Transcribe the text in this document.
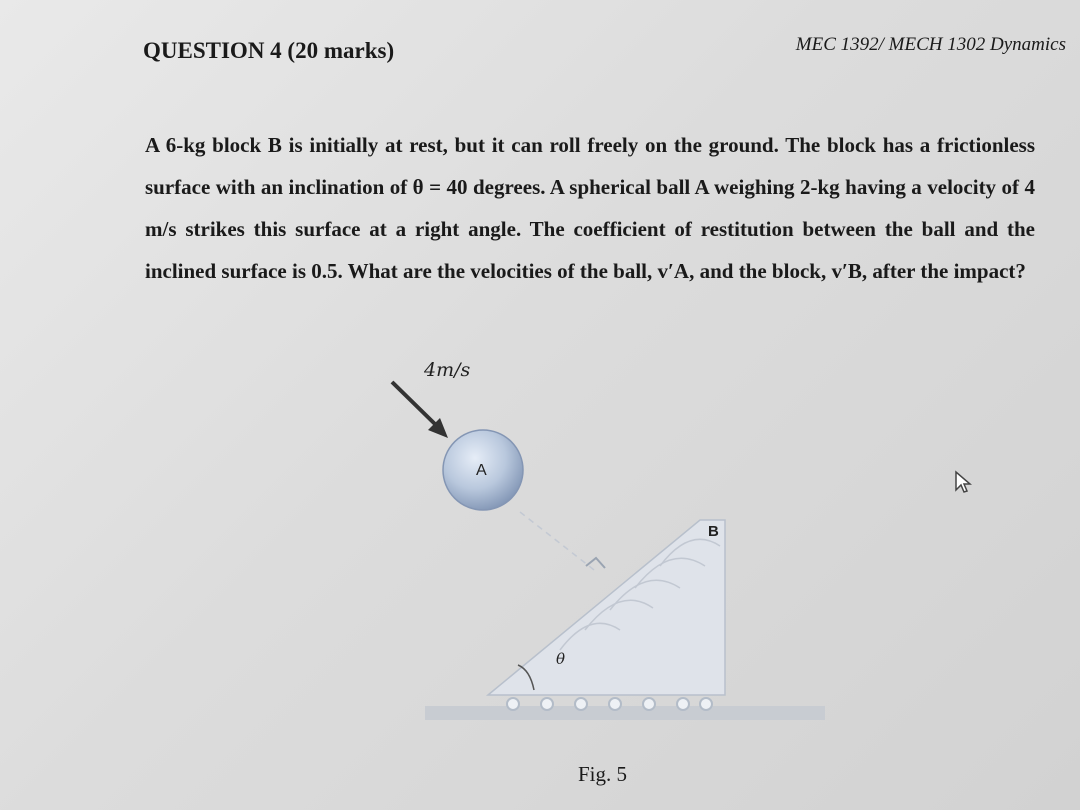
MEC 1392/ MECH 1302 Dynamics
QUESTION 4 (20 marks)
A 6-kg block B is initially at rest, but it can roll freely on the ground. The block has a frictionless surface with an inclination of θ = 40 degrees. A spherical ball A weighing 2-kg having a velocity of 4 m/s strikes this surface at a right angle. The coefficient of restitution between the ball and the inclined surface is 0.5. What are the velocities of the ball, v′A, and the block, v′B, after the impact?
4m/s
A
B
θ
Fig. 5
